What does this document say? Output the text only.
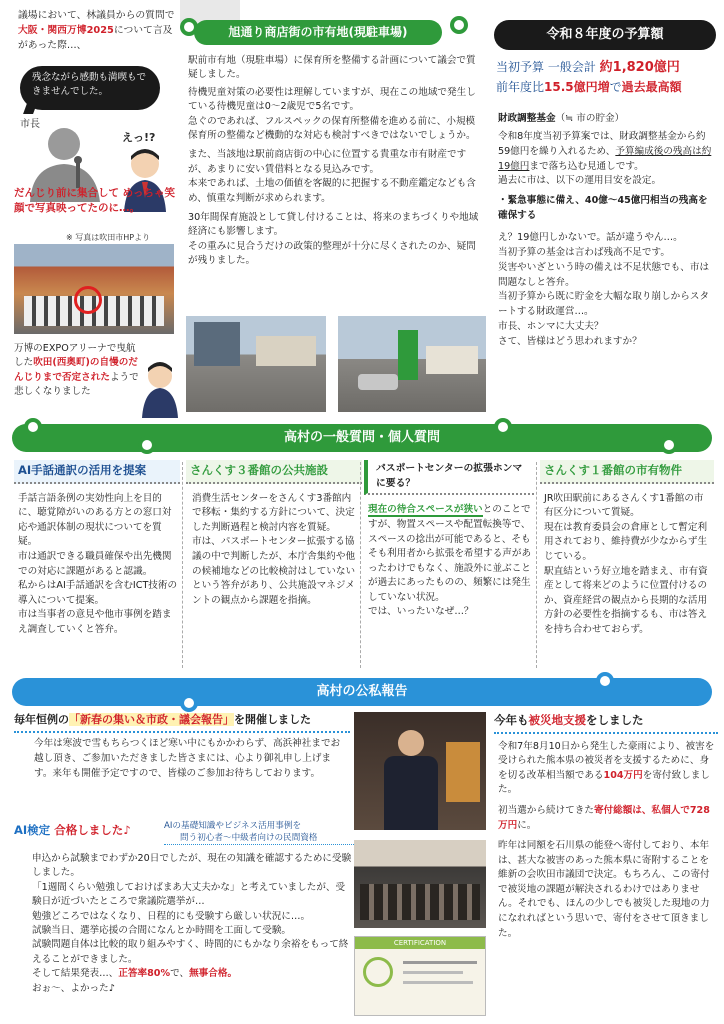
議場において、林議員からの質問で大阪・関西万博2025について言及があった際…、
残念ながら感動も満喫もできませんでした。
市長
えっ!?
だんじり前に集合して めっちゃ笑顔で写真映ってたのに…。
※ 写真は吹田市HPより
万博のEXPOアリーナで曳航した吹田(西奥町)の自慢のだんじりまで否定されたようで悲しくなりました
旭通り商店街の市有地(現駐車場)

駅前市有地（現駐車場）に保育所を整備する計画について議会で質疑しました。

待機児童対策の必要性は理解していますが、現在この地域で発生している待機児童は0〜2歳児で5名です。

急ぐのであれば、フルスペックの保育所整備を進める前に、小規模保育所の整備など機動的な対応も検討すべきではないでしょうか。

また、当該地は駅前商店街の中心に位置する貴重な市有財産ですが、あまりに安い賃借料となる見込みです。

本来であれば、土地の価値を客観的に把握する不動産鑑定なども含め、慎重な判断が求められます。

30年間保育施設として貸し付けることは、将来のまちづくりや地域経済にも影響します。

その重みに見合うだけの政策的整理が十分に尽くされたのか、疑問が残りました。

令和８年度の予算額
当初予算 一般会計 約1,820億円
前年度比15.5億円増で過去最高額

財政調整基金（≒ 市の貯金）

令和8年度当初予算案では、財政調整基金から約59億円を繰り入れるため、予算編成後の残高は約19億円まで落ち込む見通しです。

過去に市は、以下の運用目安を設定。

・緊急事態に備え、40億〜45億円相当の残高を確保する

え？19億円しかないで。話が違うやん…。

当初予算の基金は言わば残高不足です。

災害やいざという時の備えは不足状態でも、市は問題なしと答弁。

当初予算から既に貯金を大幅な取り崩しからスタートする財政運営…。

市長、ホンマに大丈夫？

さて、皆様はどう思われますか？

高村の一般質問・個人質問
AI手話通訳の活用を提案

手話言語条例の実効性向上を目的に、聴覚障がいのある方との窓口対応や通訳体制の現状についてを質疑。

市は通訳できる職員確保や出先機関での対応に課題があると認識。

私からはAI手話通訳を含むICT技術の導入について提案。

市は当事者の意見や他市事例を踏まえ調査していくと答弁。

さんくす３番館の公共施設

消費生活センターをさんくす3番館内で移転・集約する方針について、決定した判断過程と検討内容を質疑。

市は、パスポートセンター拡張する協議の中で判断したが、本庁舎集約や他の候補地などの比較検討はしていないという答弁があり、公共施設マネジメントの観点から課題を指摘。

パスポートセンターの拡張ホンマに要る？

現在の待合スペースが狭いとのことですが、物置スペースや配置転換等で、スペースの捻出が可能であると、そもそも利用者から拡張を希望する声があったわけでもなく、施設外に並ぶことが過去にあったものの、頻繁には発生していない状況。

では、いったいなぜ…？

さんくす１番館の市有物件

JR吹田駅前にあるさんくす1番館の市有区分について質疑。

現在は教育委員会の倉庫として暫定利用されており、維持費が少なからず生じている。

駅直結という好立地を踏まえ、市有資産として将来どのように位置付けるのか、資産経営の観点から長期的な活用方針の必要性を指摘するも、市は答えを持ち合わせておらず。

高村の公私報告
毎年恒例の「新春の集い＆市政・議会報告」を開催しました

今年は寒波で雪もちらつくほど寒い中にもかかわらず、高浜神社までお越し頂き、ご参加いただきました皆さまには、心より御礼申し上げます。来年も開催予定ですので、皆様のご参加お待ちしております。

AI検定 合格しました♪	AIの基礎知識やビジネス活用事例を
問う初心者〜中級者向けの民間資格

申込から試験までわずか20日でしたが、現在の知識を確認するために受験しました。

「1週間くらい勉強しておけばまあ大丈夫かな」と考えていましたが、受験日が近づいたところで衆議院選挙が…

勉強どころではなくなり、日程的にも受験すら厳しい状況に…。

試験当日、選挙応援の合間になんとか時間を工面して受験。

試験問題自体は比較的取り組みやすく、時間的にもかなり余裕をもって終えることができました。

そして結果発表…、正答率80%で、無事合格。

おぉ〜、よかった♪

CERTIFICATION
今年も被災地支援をしました

令和7年8月10日から発生した豪雨により、被害を受けられた熊本県の被災者を支援するために、身を切る改革相当額である104万円を寄付致しました。

初当選から続けてきた寄付総額は、私個人で728万円に。

昨年は同額を石川県の能登へ寄付しており、本年は、甚大な被害のあった熊本県に寄附することを 維新の会吹田市議団で決定。もちろん、この寄付で被災地の課題が解決されるわけではありません。それでも、ほんの少しでも被災した現地の力になれればという思いで、寄付をさせて頂きました。
